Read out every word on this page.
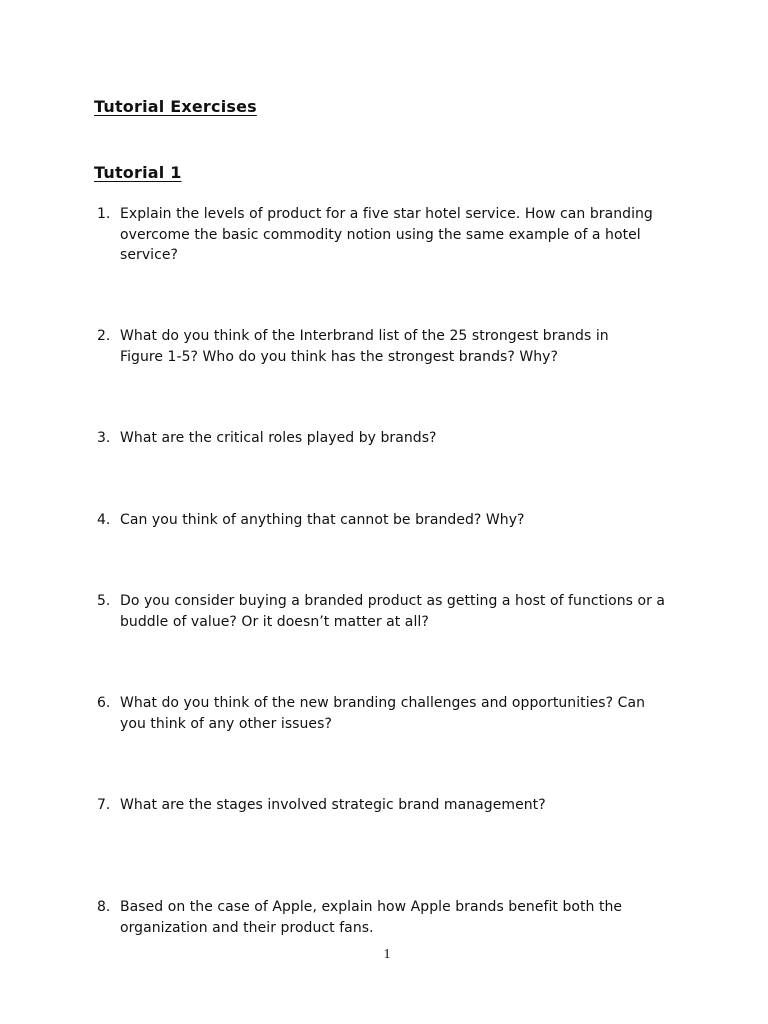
Tutorial Exercises
Tutorial 1
1. Explain the levels of product for a five star hotel service. How can branding
overcome the basic commodity notion using the same example of a hotel
service?
2. What do you think of the Interbrand list of the 25 strongest brands in
Figure 1-5? Who do you think has the strongest brands? Why?
3. What are the critical roles played by brands?
4. Can you think of anything that cannot be branded? Why?
5. Do you consider buying a branded product as getting a host of functions or a
buddle of value? Or it doesn’t matter at all?
6. What do you think of the new branding challenges and opportunities? Can
you think of any other issues?
7. What are the stages involved strategic brand management?
8. Based on the case of Apple, explain how Apple brands benefit both the
organization and their product fans.
1
